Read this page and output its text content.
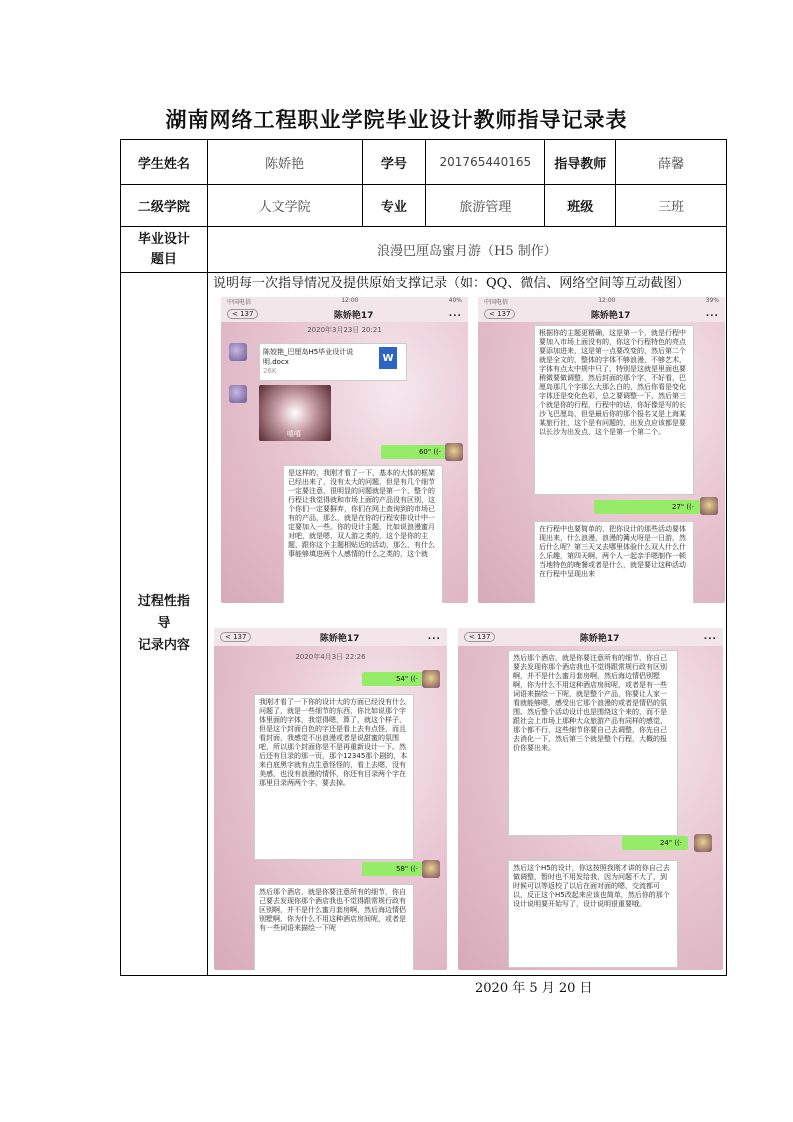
湖南网络工程职业学院毕业设计教师指导记录表
学生姓名	陈娇艳	学号	201765440165	指导教师	薛馨
二级学院	人文学院	专业	旅游管理	班级	三班

毕业设计
题目	浪漫巴厘岛蜜月游（H5 制作）				

过程性指
导
记录内容					

说明每一次指导情况及提供原始支撑记录（如：QQ、微信、网络空间等互动截图）
中国电信	12:00	40%
< 137	陈娇艳17	...
2020年3月23日 20:21
陈姣艳_巴厘岛H5毕业设计说明.docx
26K
W
嘻嘻
60"
((·
是这样的，我刚才看了一下，基本的大体的框架已经出来了，没有太大的问题，但是有几个细节一定要注意，很明显的问题就是第一个，整个的行程让我觉得就和市场上面的产品没有区别，这个你们一定要摒弃，你们在网上查询到的市场已有的产品，那么，就是在你的行程安排设计中一定要加入一些。你的设计主题，比如说浪漫蜜月对吧，就是嗯，双人游之类的，这个是你的主题，跟你这个主题相贴近的活动，那么，有什么事能够填进两个人感情的什么之类的，这个就
中国电信	12:00	39%
< 137	陈娇艳17	...
根据你的主题更精确，这是第一个，就是行程中要加入市场上面没有的，你这个行程特色的亮点要添加进来，这是第一点要改变的，然后第二个就是全文的，整体的字体不够浪漫，不够艺术，字体有点太中规中只了，特别是这就是里面也要稍微要做调整，然后封面的那个字，不好看，巴厘岛那几个字那么大那么白的，然后你看是变化字体还是变化色彩，总之要调整一下，然后第三个就是你的行程，行程中的话，你好像是写的长沙飞巴厘岛，但是最后你的那个报名又是上海某某旅行社，这个是有问题的，出发点应该都是要以长沙为出发点，这个是第一个第二个。
27"
((·
在行程中也要简单的，把你设计的那些活动要体现出来，什么浪漫，浪漫的篝火呀是一日游，然后什么呢？第三天又去哪里体验什么双人什么什么乐趣，第四天啊，两个人一起亲手嗯制作一顿当地特色的晚餐或者是什么，就是要让这种活动在行程中呈现出来
< 137	陈娇艳17	...
2020年4月3日 22:26
54"
((·
我刚才看了一下你的设计大的方面已经没有什么问题了，就是一些细节的东西，你比如说那个字体里面的字体，我觉得嗯，算了，就这个样子，但是这个封面白色的字还是看上去有点怪，而且看封面，我感觉不出浪漫或者是说甜蜜的氛围吧，所以那个封面你是不是再重新设计一下。然后还有目录的那一页，那个12345那个剧的，本来白底黑字就有点生意怪怪的，看上去嗯，没有美感，也没有浪漫的情怀，你还有目录两个字在那里目录两两个字，要去掉。
58"
((·
然后那个酒店，就是你要注意所有的细节，你自己要去发现你那个酒店我也不觉得跟常规行政有区别啊，并不是什么蜜月套房啊，然后海边情侣别墅啊，你为什么不用这种酒店房间呢，或者是有一些词语来描绘一下呢
< 137	陈娇艳17	...
然后那个酒店，就是你要注意所有的细节，你自己要去发现你那个酒店我也不觉得跟常规行政有区别啊，并不是什么蜜月套房啊，然后海边情侣别墅啊，你为什么不用这种酒店房间呢，或者是有一些词语来描绘一下呢，就是整个产品，你要让人家一看就能够嗯，感受出它那个浪漫的或者是情侣的氛围。然后整个活动设计也是围绕这个来的，而不是跟社会上市场上那种大众旅游产品有同样的感觉，那个都不行，这些细节你要自己去调整，你先自己去消化一下，然后第三个就是整个行程，大概的报价你要出来。
24"
((·
然后这个H5的设计，你这按照我刚才讲的你自己去做调整，暂时也不用发给我，因为问题不大了，到时候可以等返校了以后在面对面的嗯，交流都可以，反正这个H5改起来应该也简单，然后你的那个设计说明要开始写了，设计说明很重要哦。
2020 年 5 月 20 日
